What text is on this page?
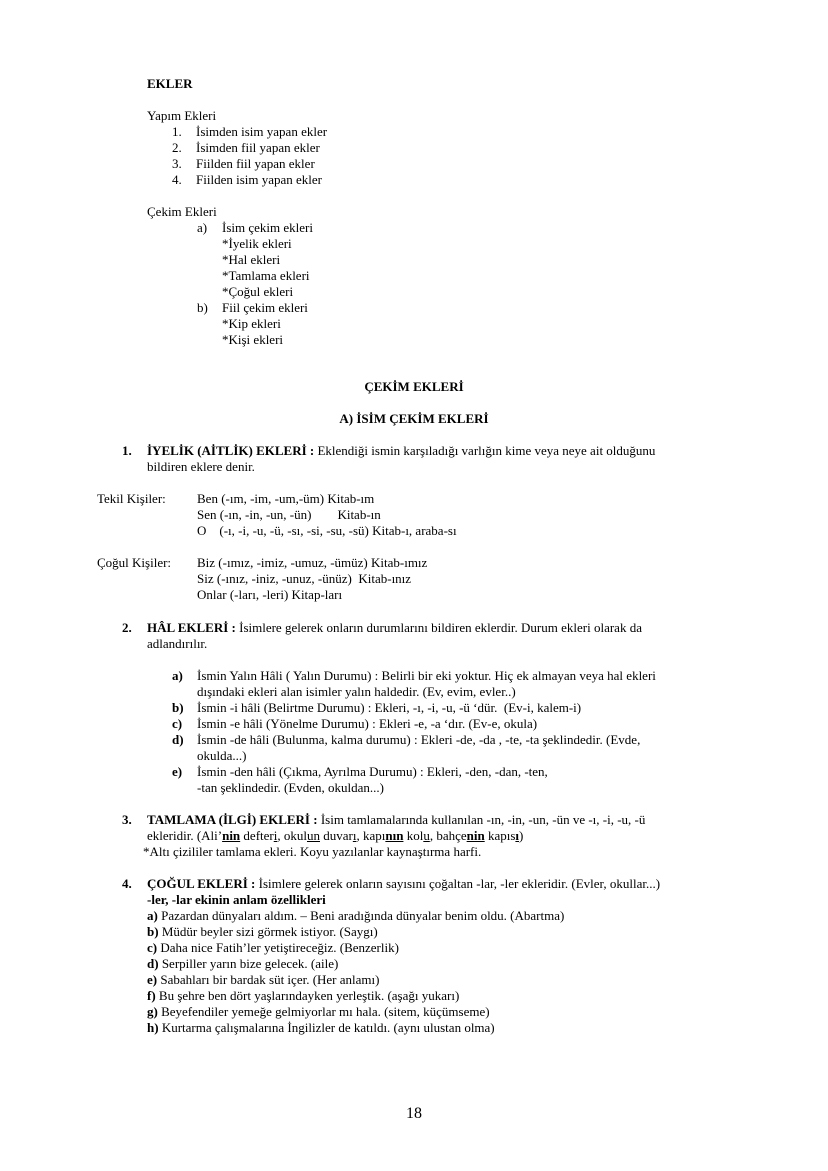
EKLER
Yapım Ekleri
1. İsimden isim yapan ekler
2. İsimden fiil yapan ekler
3. Fiilden fiil yapan ekler
4. Fiilden isim yapan ekler
Çekim Ekleri
a) İsim çekim ekleri
*İyelik ekleri
*Hal ekleri
*Tamlama ekleri
*Çoğul ekleri
b) Fiil çekim ekleri
*Kip ekleri
*Kişi ekleri
ÇEKİM EKLERİ
A) İSİM ÇEKİM EKLERİ
1. İYELİK (AİTLİK) EKLERİ : Eklendiği ismin karşıladığı varlığın kime veya neye ait olduğunu
bildiren eklere denir.
Tekil Kişiler: Ben (-ım, -im, -um,-üm) Kitab-ım
Sen (-ın, -in, -un, -ün)        Kitab-ın
O    (-ı, -i, -u, -ü, -sı, -si, -su, -sü) Kitab-ı, araba-sı
Çoğul Kişiler: Biz (-ımız, -imiz, -umuz, -ümüz) Kitab-ımız
Siz (-ınız, -iniz, -unuz, -ünüz)  Kitab-ınız
Onlar (-ları, -leri) Kitap-ları
2. HÂL EKLERİ : İsimlere gelerek onların durumlarını bildiren eklerdir. Durum ekleri olarak da
adlandırılır.
a) İsmin Yalın Hâli ( Yalın Durumu) : Belirli bir eki yoktur. Hiç ek almayan veya hal ekleri
dışındaki ekleri alan isimler yalın haldedir. (Ev, evim, evler..)
b) İsmin -i hâli (Belirtme Durumu) : Ekleri, -ı, -i, -u, -ü ‘dür.  (Ev-i, kalem-i)
c) İsmin -e hâli (Yönelme Durumu) : Ekleri -e, -a ‘dır. (Ev-e, okula)
d) İsmin -de hâli (Bulunma, kalma durumu) : Ekleri -de, -da , -te, -ta şeklindedir. (Evde,
okulda...)
e) İsmin -den hâli (Çıkma, Ayrılma Durumu) : Ekleri, -den, -dan, -ten,
-tan şeklindedir. (Evden, okuldan...)
3. TAMLAMA (İLGİ) EKLERİ : İsim tamlamalarında kullanılan -ın, -in, -un, -ün ve -ı, -i, -u, -ü
ekleridir. (Ali’nin defteri, okulun duvarı, kapının kolu, bahçenin kapısı)
*Altı çizililer tamlama ekleri. Koyu yazılanlar kaynaştırma harfi.
4. ÇOĞUL EKLERİ : İsimlere gelerek onların sayısını çoğaltan -lar, -ler ekleridir. (Evler, okullar...)
-ler, -lar ekinin anlam özellikleri
a) Pazardan dünyaları aldım. – Beni aradığında dünyalar benim oldu. (Abartma)
b) Müdür beyler sizi görmek istiyor. (Saygı)
c) Daha nice Fatih’ler yetiştireceğiz. (Benzerlik)
d) Serpiller yarın bize gelecek. (aile)
e) Sabahları bir bardak süt içer. (Her anlamı)
f) Bu şehre ben dört yaşlarındayken yerleştik. (aşağı yukarı)
g) Beyefendiler yemeğe gelmiyorlar mı hala. (sitem, küçümseme)
h) Kurtarma çalışmalarına İngilizler de katıldı. (aynı ulustan olma)
18
